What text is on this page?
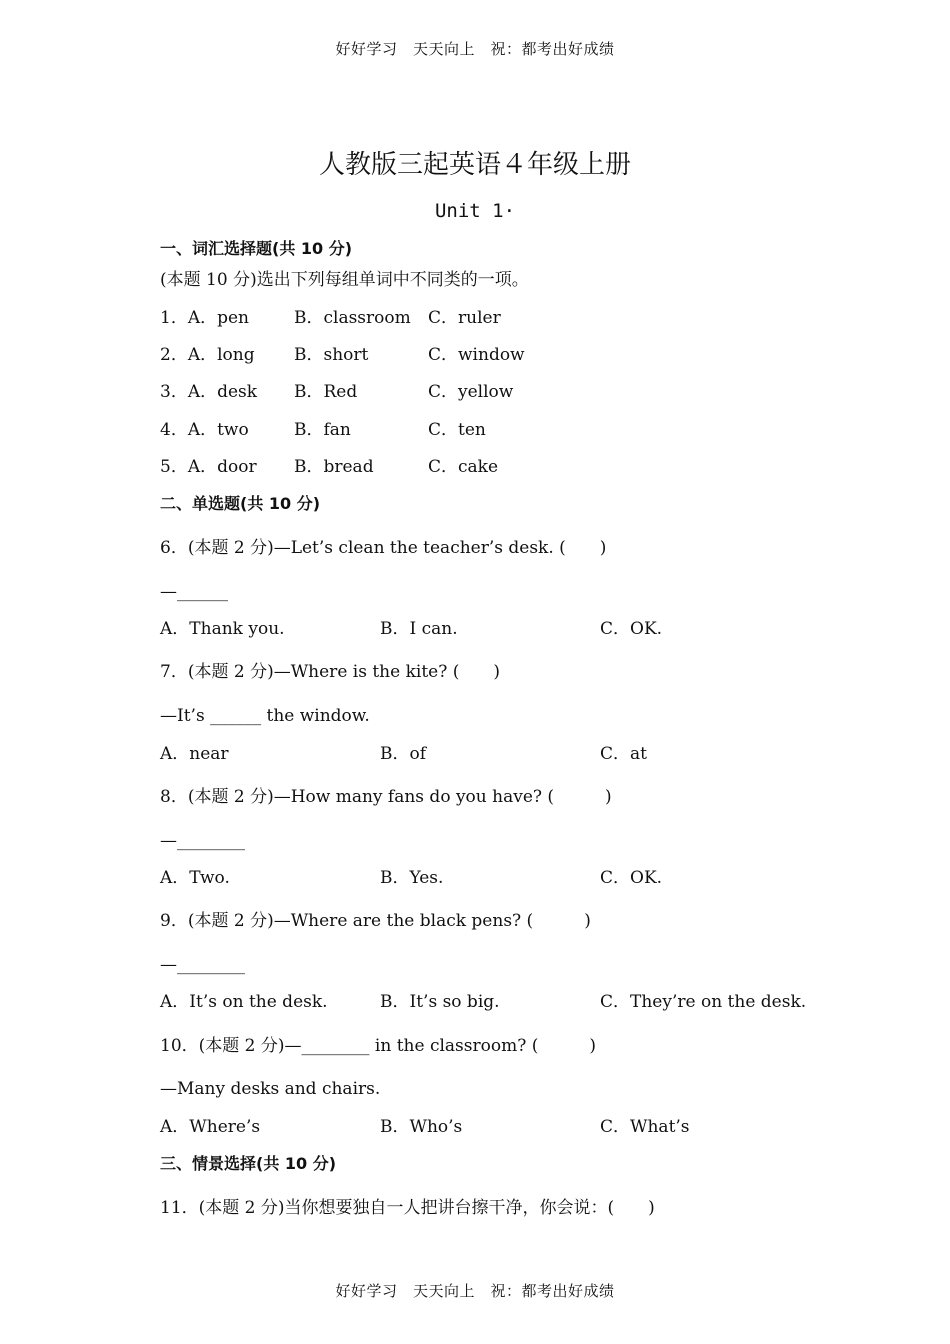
好好学习　天天向上　祝：都考出好成绩
人教版三起英语４年级上册
Unit 1·
一、词汇选择题(共 10 分)
(本题 10 分)选出下列每组单词中不同类的一项。
1．A．pen	B．classroom	C．ruler
2．A．long	B．short	C．window
3．A．desk	B．Red	C．yellow
4．A．two	B．fan	C．ten
5．A．door	B．bread	C．cake
二、单选题(共 10 分)
6．(本题 2 分)—Let’s clean the teacher’s desk. (　　)
—______
A．Thank you.	B．I can.	C．OK.
7．(本题 2 分)—Where is the kite? (　　)
—It’s ______ the window.
A．near	B．of	C．at
8．(本题 2 分)—How many fans do you have? (　　　)
—________
A．Two.	B．Yes.	C．OK.
9．(本题 2 分)—Where are the black pens? (　　　)
—________
A．It’s on the desk.	B．It’s so big.	C．They’re on the desk.
10．(本题 2 分)—________ in the classroom? (　　　)
—Many desks and chairs.
A．Where’s	B．Who’s	C．What’s
三、情景选择(共 10 分)
11．(本题 2 分)当你想要独自一人把讲台擦干净，你会说：(　　)
好好学习　天天向上　祝：都考出好成绩
